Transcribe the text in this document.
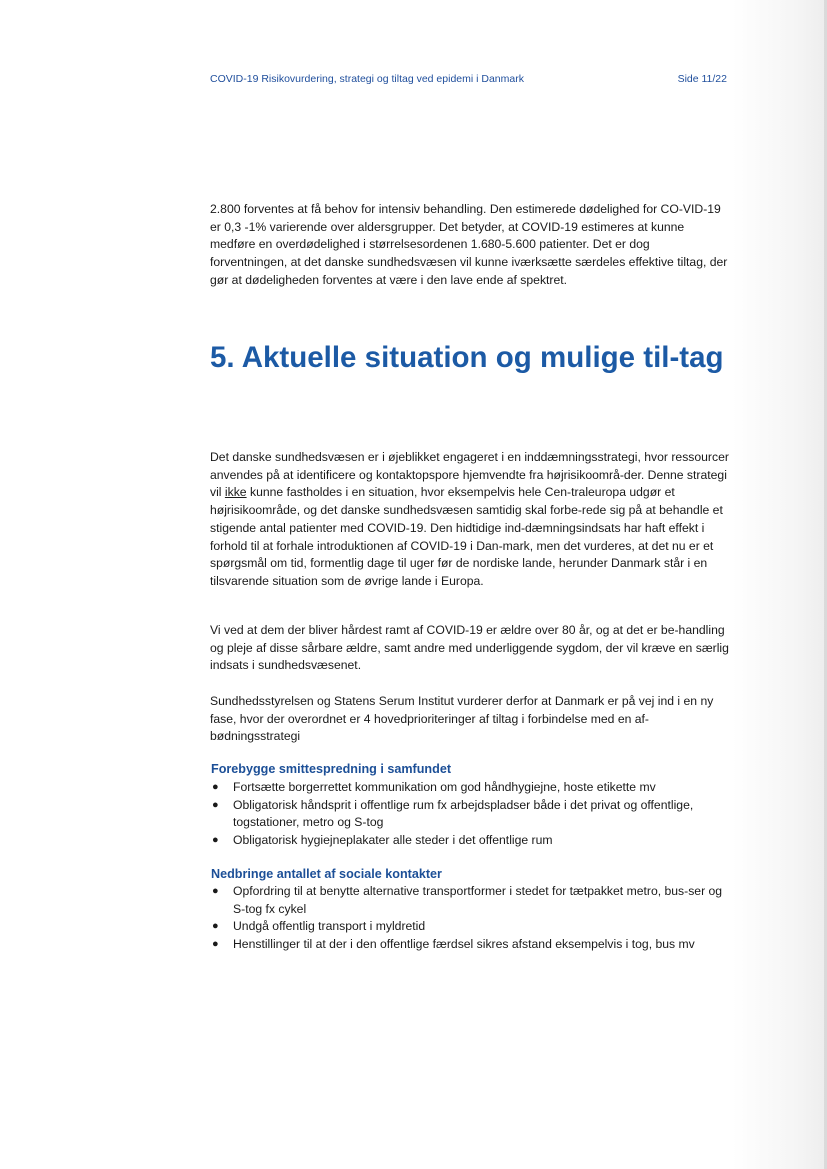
COVID-19 Risikovurdering, strategi og tiltag ved epidemi i Danmark	Side 11/22

2.800 forventes at få behov for intensiv behandling. Den estimerede dødelighed for CO-VID-19 er 0,3 -1% varierende over aldersgrupper. Det betyder, at COVID-19 estimeres at kunne medføre en overdødelighed i størrelsesordenen 1.680-5.600 patienter. Det er dog forventningen, at det danske sundhedsvæsen vil kunne iværksætte særdeles effektive tiltag, der gør at dødeligheden forventes at være i den lave ende af spektret.

5. Aktuelle situation og mulige til-tag

Det danske sundhedsvæsen er i øjeblikket engageret i en inddæmningsstrategi, hvor ressourcer anvendes på at identificere og kontaktopspore hjemvendte fra højrisikoområ-der. Denne strategi vil ikke kunne fastholdes i en situation, hvor eksempelvis hele Cen-traleuropa udgør et højrisikoområde, og det danske sundhedsvæsen samtidig skal forbe-rede sig på at behandle et stigende antal patienter med COVID-19. Den hidtidige ind-dæmningsindsats har haft effekt i forhold til at forhale introduktionen af COVID-19 i Dan-mark, men det vurderes, at det nu er et spørgsmål om tid, formentlig dage til uger før de nordiske lande, herunder Danmark står i en tilsvarende situation som de øvrige lande i Europa.

Vi ved at dem der bliver hårdest ramt af COVID-19 er ældre over 80 år, og at det er be-handling og pleje af disse sårbare ældre, samt andre med underliggende sygdom, der vil kræve en særlig indsats i sundhedsvæsenet.

Sundhedsstyrelsen og Statens Serum Institut vurderer derfor at Danmark er på vej ind i en ny fase, hvor der overordnet er 4 hovedprioriteringer af tiltag i forbindelse med en af-bødningsstrategi

Forebygge smittespredning i samfundet
● Fortsætte borgerrettet kommunikation om god håndhygiejne, hoste etikette mv
● Obligatorisk håndsprit i offentlige rum fx arbejdspladser både i det privat og offentlige, togstationer, metro og S-tog
● Obligatorisk hygiejneplakater alle steder i det offentlige rum
Nedbringe antallet af sociale kontakter
● Opfordring til at benytte alternative transportformer i stedet for tætpakket metro, bus-ser og S-tog fx cykel
● Undgå offentlig transport i myldretid
● Henstillinger til at der i den offentlige færdsel sikres afstand eksempelvis i tog, bus mv
